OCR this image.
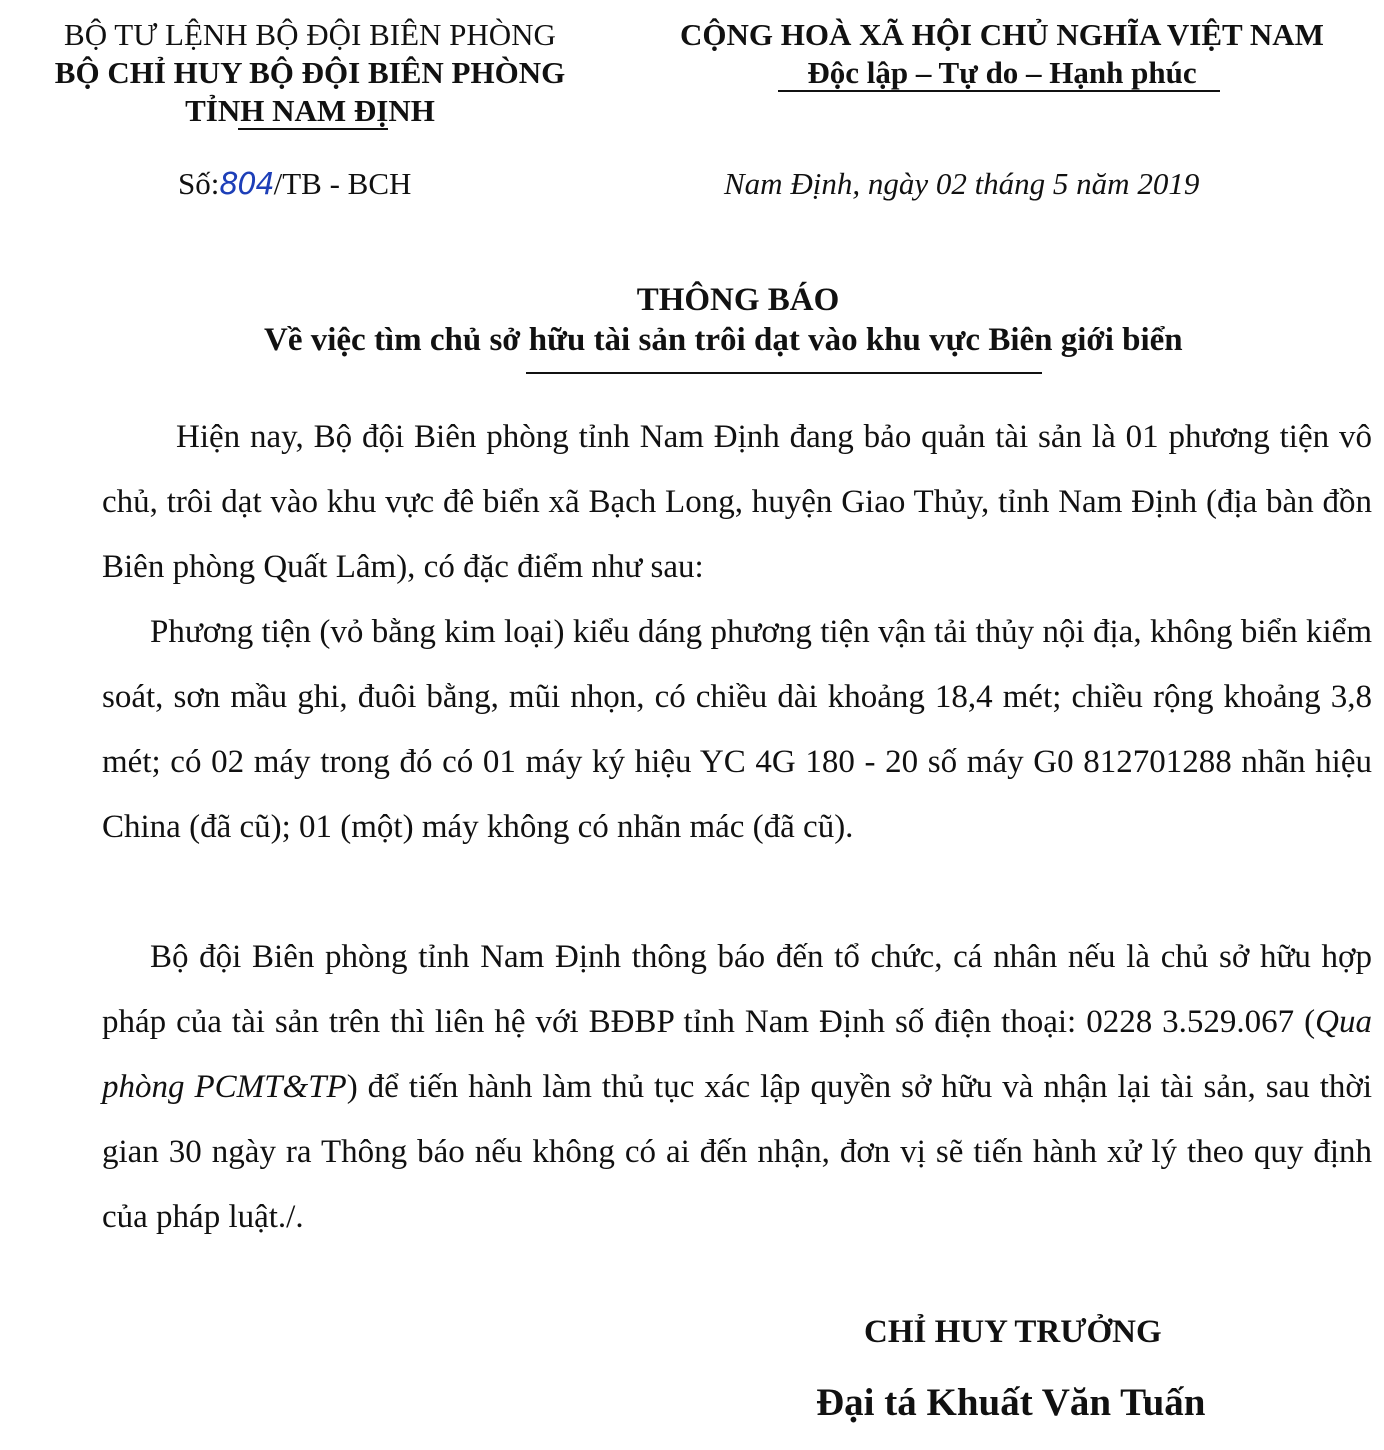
BỘ TƯ LỆNH BỘ ĐỘI BIÊN PHÒNG
BỘ CHỈ HUY BỘ ĐỘI BIÊN PHÒNG
TỈNH NAM ĐỊNH
CỘNG HOÀ XÃ HỘI CHỦ NGHĨA VIỆT NAM
Độc lập – Tự do – Hạnh phúc
Số:804/TB - BCH	Nam Định, ngày 02 tháng 5 năm 2019
THÔNG BÁO
Về việc tìm chủ sở hữu tài sản trôi dạt vào khu vực Biên giới biển
Hiện nay, Bộ đội Biên phòng tỉnh Nam Định đang bảo quản tài sản là 01 phương tiện vô chủ, trôi dạt vào khu vực đê biển xã Bạch Long, huyện Giao Thủy, tỉnh Nam Định (địa bàn đồn Biên phòng Quất Lâm), có đặc điểm như sau:
Phương tiện (vỏ bằng kim loại) kiểu dáng phương tiện vận tải thủy nội địa, không biển kiểm soát, sơn mầu ghi, đuôi bằng, mũi nhọn, có chiều dài khoảng 18,4 mét; chiều rộng khoảng 3,8 mét; có 02 máy trong đó có 01 máy ký hiệu YC 4G 180 - 20 số máy G0 812701288 nhãn hiệu China (đã cũ); 01 (một) máy không có nhãn mác (đã cũ).
Bộ đội Biên phòng tỉnh Nam Định thông báo đến tổ chức, cá nhân nếu là chủ sở hữu hợp pháp của tài sản trên thì liên hệ với BĐBP tỉnh Nam Định số điện thoại: 0228 3.529.067 (Qua phòng PCMT&TP) để tiến hành làm thủ tục xác lập quyền sở hữu và nhận lại tài sản, sau thời gian 30 ngày ra Thông báo nếu không có ai đến nhận, đơn vị sẽ tiến hành xử lý theo quy định của pháp luật./.
CHỈ HUY TRƯỞNG
Đại tá Khuất Văn Tuấn
